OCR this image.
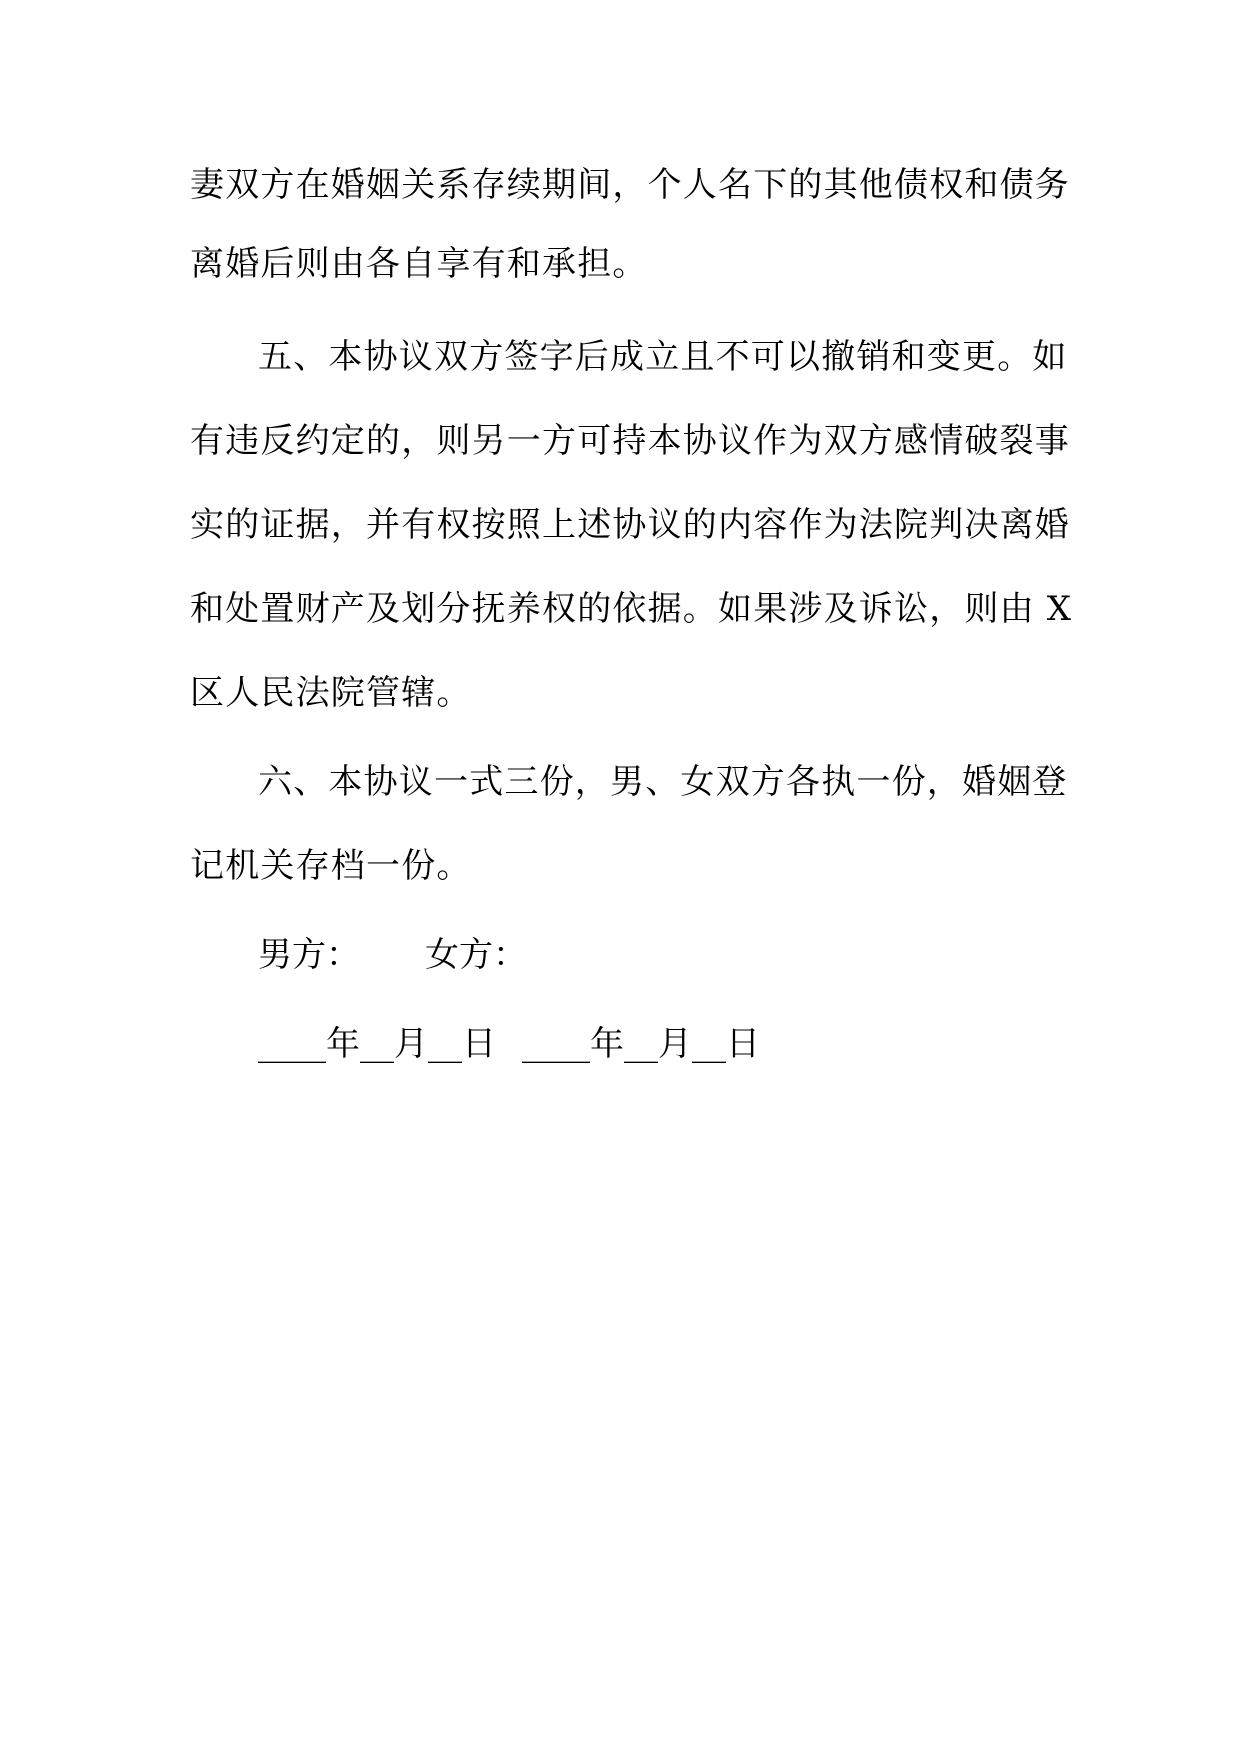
妻双方在婚姻关系存续期间，个人名下的其他债权和债务
离婚后则由各自享有和承担。
五、本协议双方签字后成立且不可以撤销和变更。如
有违反约定的，则另一方可持本协议作为双方感情破裂事
实的证据，并有权按照上述协议的内容作为法院判决离婚
和处置财产及划分抚养权的依据。如果涉及诉讼，则由 X
区人民法院管辖。
六、本协议一式三份，男、女双方各执一份，婚姻登
记机关存档一份。
男方： 女方：
____年__月__日 ____年__月__日
